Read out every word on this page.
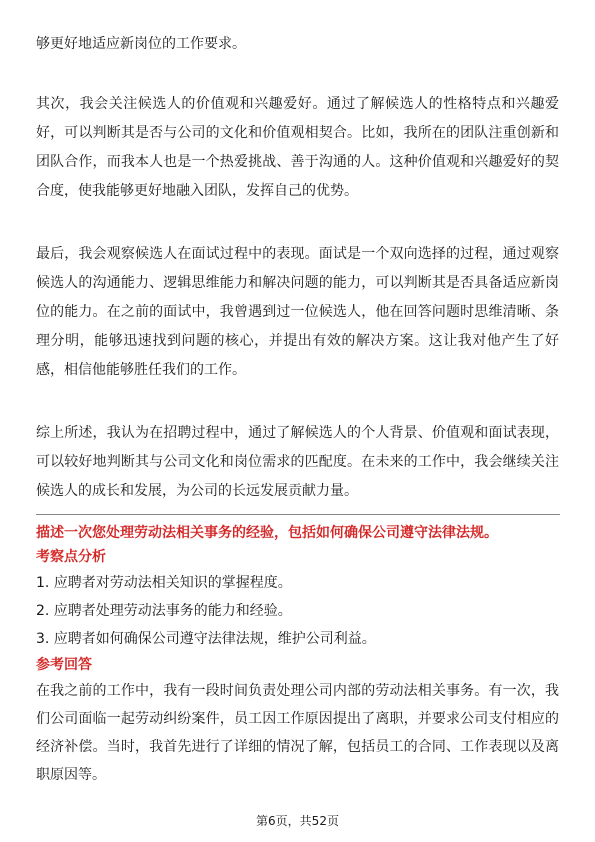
够更好地适应新岗位的工作要求。

其次，我会关注候选人的价值观和兴趣爱好。通过了解候选人的性格特点和兴趣爱好，可以判断其是否与公司的文化和价值观相契合。比如，我所在的团队注重创新和团队合作，而我本人也是一个热爱挑战、善于沟通的人。这种价值观和兴趣爱好的契合度，使我能够更好地融入团队，发挥自己的优势。

最后，我会观察候选人在面试过程中的表现。面试是一个双向选择的过程，通过观察候选人的沟通能力、逻辑思维能力和解决问题的能力，可以判断其是否具备适应新岗位的能力。在之前的面试中，我曾遇到过一位候选人，他在回答问题时思维清晰、条理分明，能够迅速找到问题的核心，并提出有效的解决方案。这让我对他产生了好感，相信他能够胜任我们的工作。

综上所述，我认为在招聘过程中，通过了解候选人的个人背景、价值观和面试表现，可以较好地判断其与公司文化和岗位需求的匹配度。在未来的工作中，我会继续关注候选人的成长和发展，为公司的长远发展贡献力量。

描述一次您处理劳动法相关事务的经验，包括如何确保公司遵守法律法规。

考察点分析

1. 应聘者对劳动法相关知识的掌握程度。
2. 应聘者处理劳动法事务的能力和经验。
3. 应聘者如何确保公司遵守法律法规，维护公司利益。

参考回答

在我之前的工作中，我有一段时间负责处理公司内部的劳动法相关事务。有一次，我们公司面临一起劳动纠纷案件，员工因工作原因提出了离职，并要求公司支付相应的经济补偿。当时，我首先进行了详细的情况了解，包括员工的合同、工作表现以及离职原因等。

第6页，共52页
